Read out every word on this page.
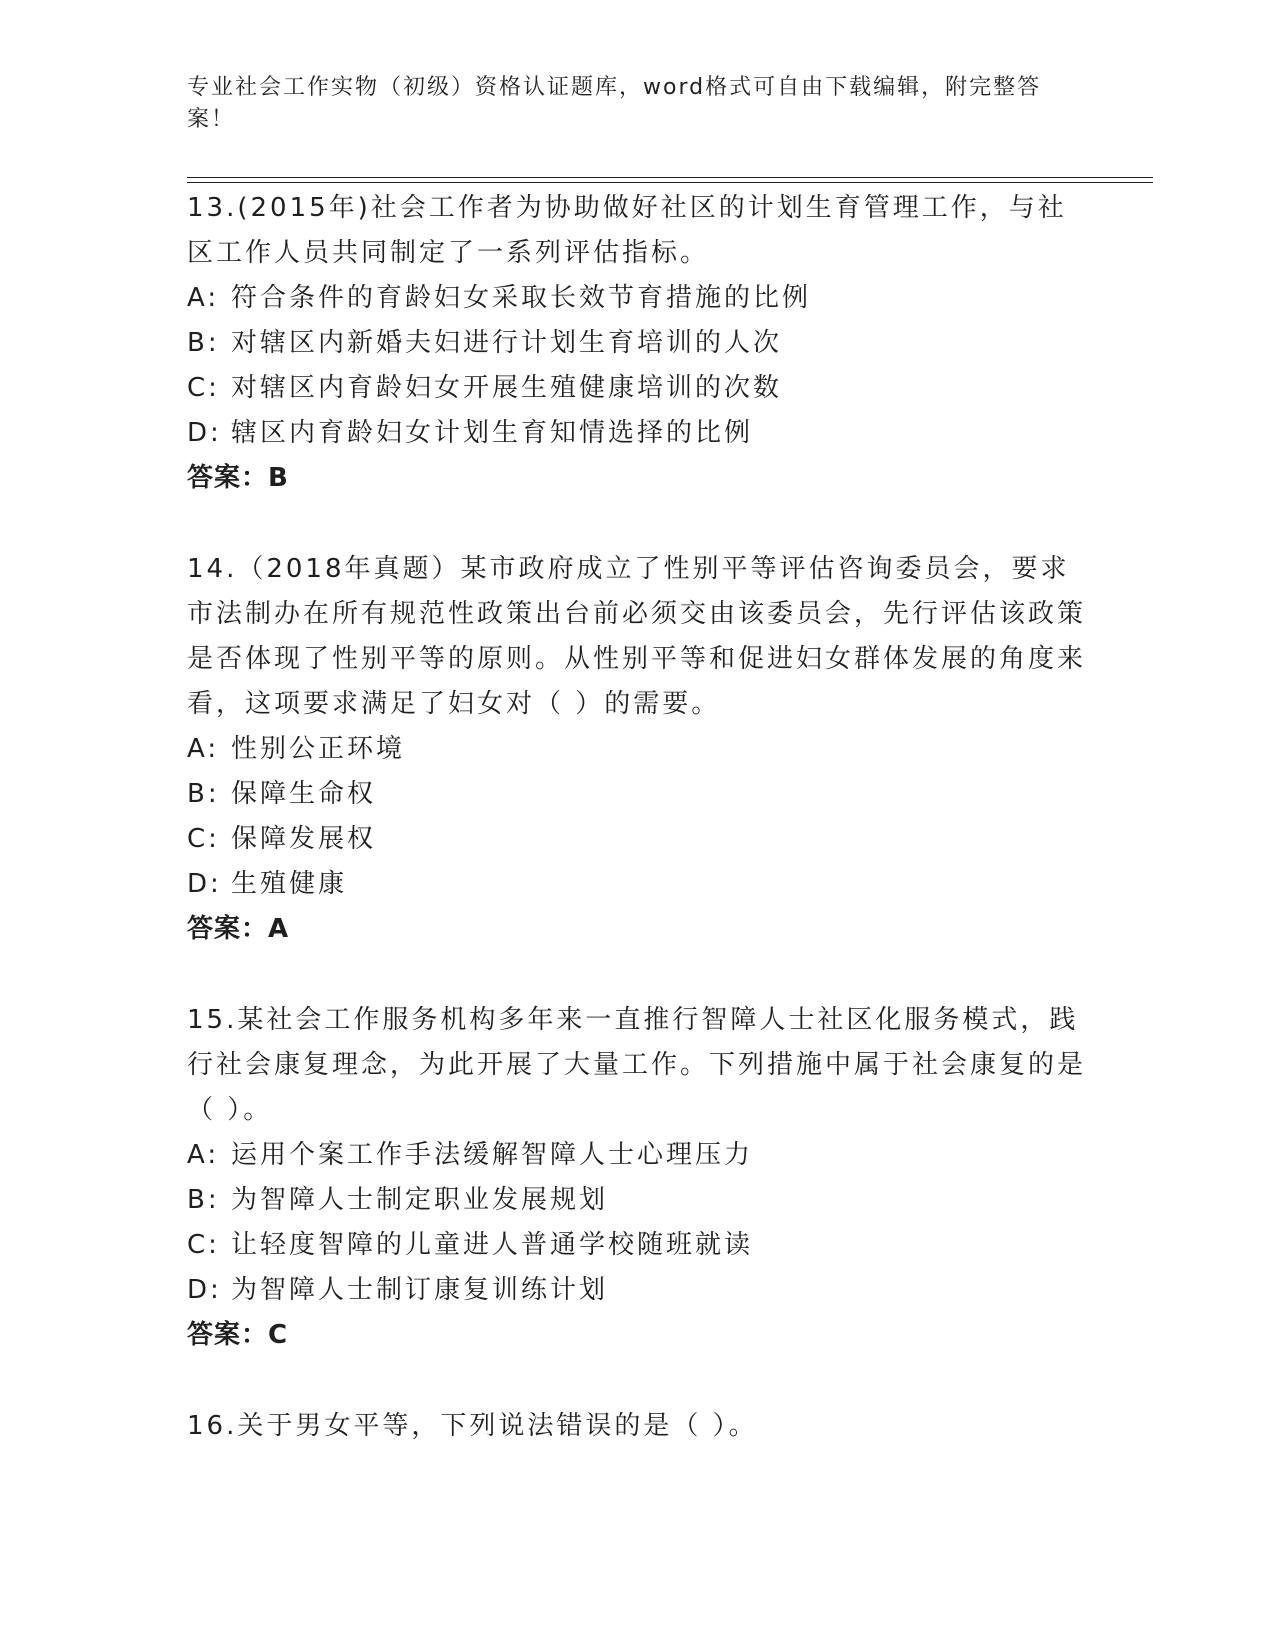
专业社会工作实物（初级）资格认证题库，word格式可自由下载编辑，附完整答案！

13.(2015年)社会工作者为协助做好社区的计划生育管理工作，与社区工作人员共同制定了一系列评估指标。

A: 符合条件的育龄妇女采取长效节育措施的比例

B: 对辖区内新婚夫妇进行计划生育培训的人次

C: 对辖区内育龄妇女开展生殖健康培训的次数

D: 辖区内育龄妇女计划生育知情选择的比例

答案：B

14.（2018年真题）某市政府成立了性别平等评估咨询委员会，要求市法制办在所有规范性政策出台前必须交由该委员会，先行评估该政策是否体现了性别平等的原则。从性别平等和促进妇女群体发展的角度来看，这项要求满足了妇女对（ ）的需要。

A: 性别公正环境

B: 保障生命权

C: 保障发展权

D: 生殖健康

答案：A

15.某社会工作服务机构多年来一直推行智障人士社区化服务模式，践行社会康复理念，为此开展了大量工作。下列措施中属于社会康复的是（ ）。

A: 运用个案工作手法缓解智障人士心理压力

B: 为智障人士制定职业发展规划

C: 让轻度智障的儿童进人普通学校随班就读

D: 为智障人士制订康复训练计划

答案：C

16.关于男女平等，下列说法错误的是（ ）。
